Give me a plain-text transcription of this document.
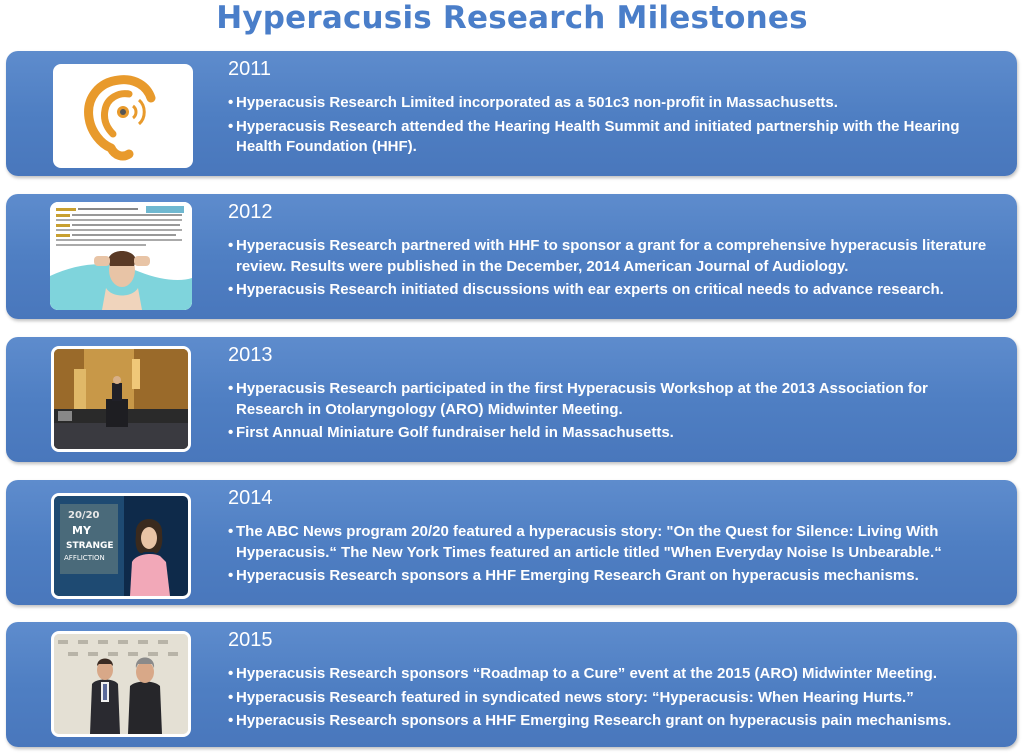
Hyperacusis Research Milestones
2011
• Hyperacusis Research Limited incorporated as a 501c3 non-profit in Massachusetts.
• Hyperacusis Research attended the Hearing Health Summit and initiated partnership with the Hearing Health Foundation (HHF).
2012
• Hyperacusis Research partnered with HHF to sponsor a grant for a comprehensive hyperacusis literature review. Results were published in the December, 2014 American Journal of Audiology.
• Hyperacusis Research initiated discussions with ear experts on critical needs to advance research.
2013
• Hyperacusis Research participated in the first Hyperacusis Workshop at the 2013 Association for Research in Otolaryngology (ARO) Midwinter Meeting.
• First Annual Miniature Golf fundraiser held in Massachusetts.
20/20
MY
STRANGE
AFFLICTION
2014
• The ABC News program 20/20 featured a hyperacusis story: "On the Quest for Silence: Living With Hyperacusis.“ The New York Times featured an article titled "When Everyday Noise Is Unbearable.“
• Hyperacusis Research sponsors a HHF Emerging Research Grant on hyperacusis mechanisms.
2015
• Hyperacusis Research sponsors “Roadmap to a Cure” event at the 2015 (ARO) Midwinter Meeting.
• Hyperacusis Research featured in syndicated news story: “Hyperacusis: When Hearing Hurts.”
• Hyperacusis Research sponsors a HHF Emerging Research grant on hyperacusis pain mechanisms.
